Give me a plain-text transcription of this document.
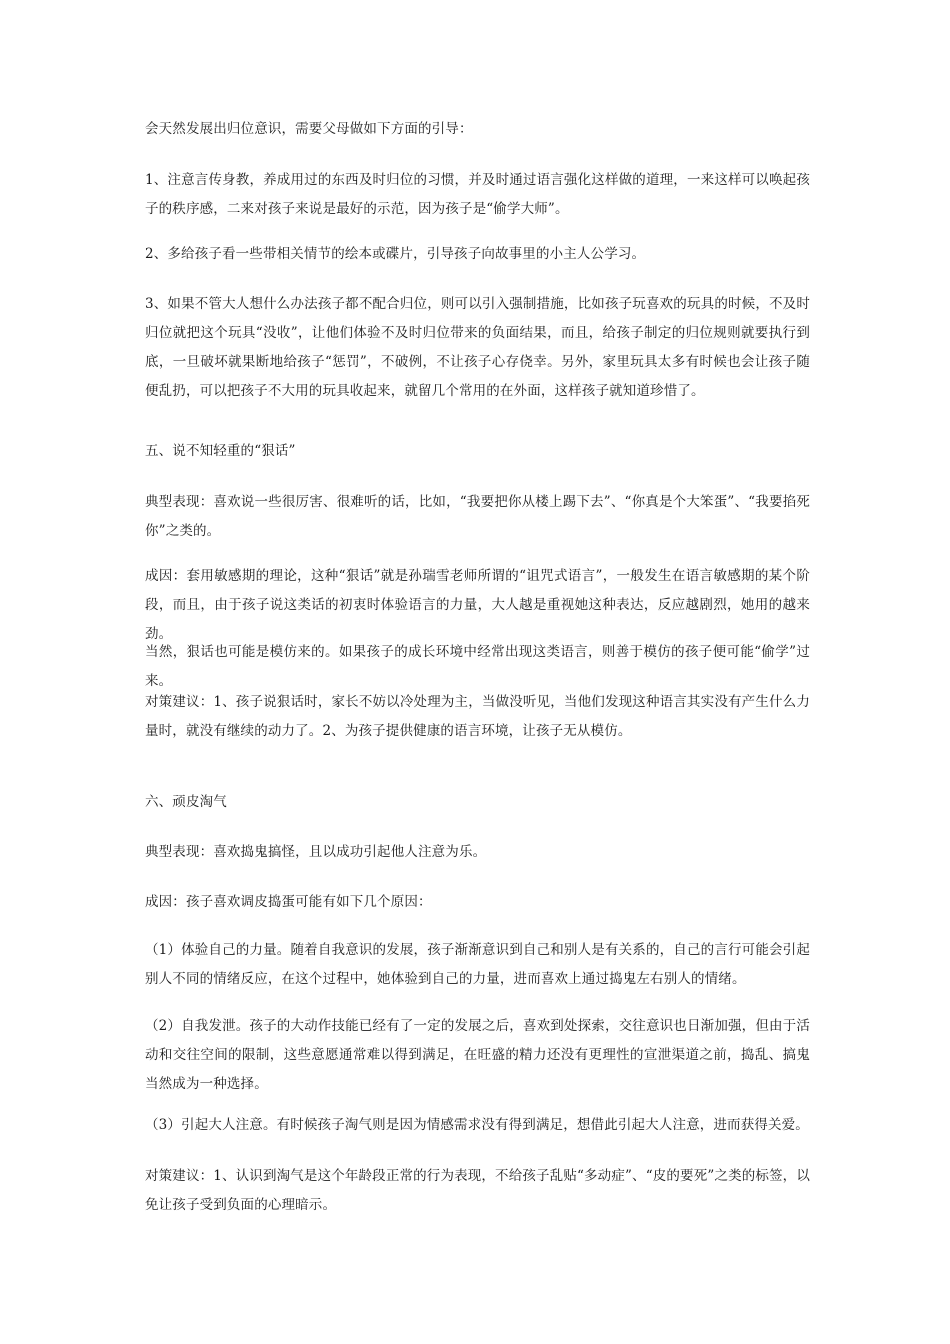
会天然发展出归位意识，需要父母做如下方面的引导：

1、注意言传身教，养成用过的东西及时归位的习惯，并及时通过语言强化这样做的道理，一来这样可以唤起孩子的秩序感，二来对孩子来说是最好的示范，因为孩子是“偷学大师”。

2、多给孩子看一些带相关情节的绘本或碟片，引导孩子向故事里的小主人公学习。

3、如果不管大人想什么办法孩子都不配合归位，则可以引入强制措施，比如孩子玩喜欢的玩具的时候，不及时归位就把这个玩具“没收”，让他们体验不及时归位带来的负面结果，而且，给孩子制定的归位规则就要执行到底，一旦破坏就果断地给孩子“惩罚”，不破例，不让孩子心存侥幸。另外，家里玩具太多有时候也会让孩子随便乱扔，可以把孩子不大用的玩具收起来，就留几个常用的在外面，这样孩子就知道珍惜了。

五、说不知轻重的“狠话”

典型表现：喜欢说一些很厉害、很难听的话，比如，“我要把你从楼上踢下去”、“你真是个大笨蛋”、“我要掐死你”之类的。

成因：套用敏感期的理论，这种“狠话”就是孙瑞雪老师所谓的“诅咒式语言”，一般发生在语言敏感期的某个阶段，而且，由于孩子说这类话的初衷时体验语言的力量，大人越是重视她这种表达，反应越剧烈，她用的越来劲。

当然，狠话也可能是模仿来的。如果孩子的成长环境中经常出现这类语言，则善于模仿的孩子便可能“偷学”过来。

对策建议：1、孩子说狠话时，家长不妨以冷处理为主，当做没听见，当他们发现这种语言其实没有产生什么力量时，就没有继续的动力了。2、为孩子提供健康的语言环境，让孩子无从模仿。

六、顽皮淘气

典型表现：喜欢捣鬼搞怪，且以成功引起他人注意为乐。

成因：孩子喜欢调皮捣蛋可能有如下几个原因：

（1）体验自己的力量。随着自我意识的发展，孩子渐渐意识到自己和别人是有关系的，自己的言行可能会引起别人不同的情绪反应，在这个过程中，她体验到自己的力量，进而喜欢上通过捣鬼左右别人的情绪。

（2）自我发泄。孩子的大动作技能已经有了一定的发展之后，喜欢到处探索，交往意识也日渐加强，但由于活动和交往空间的限制，这些意愿通常难以得到满足，在旺盛的精力还没有更理性的宣泄渠道之前，捣乱、搞鬼当然成为一种选择。

（3）引起大人注意。有时候孩子淘气则是因为情感需求没有得到满足，想借此引起大人注意，进而获得关爱。

对策建议：1、认识到淘气是这个年龄段正常的行为表现，不给孩子乱贴“多动症”、“皮的要死”之类的标签，以免让孩子受到负面的心理暗示。
